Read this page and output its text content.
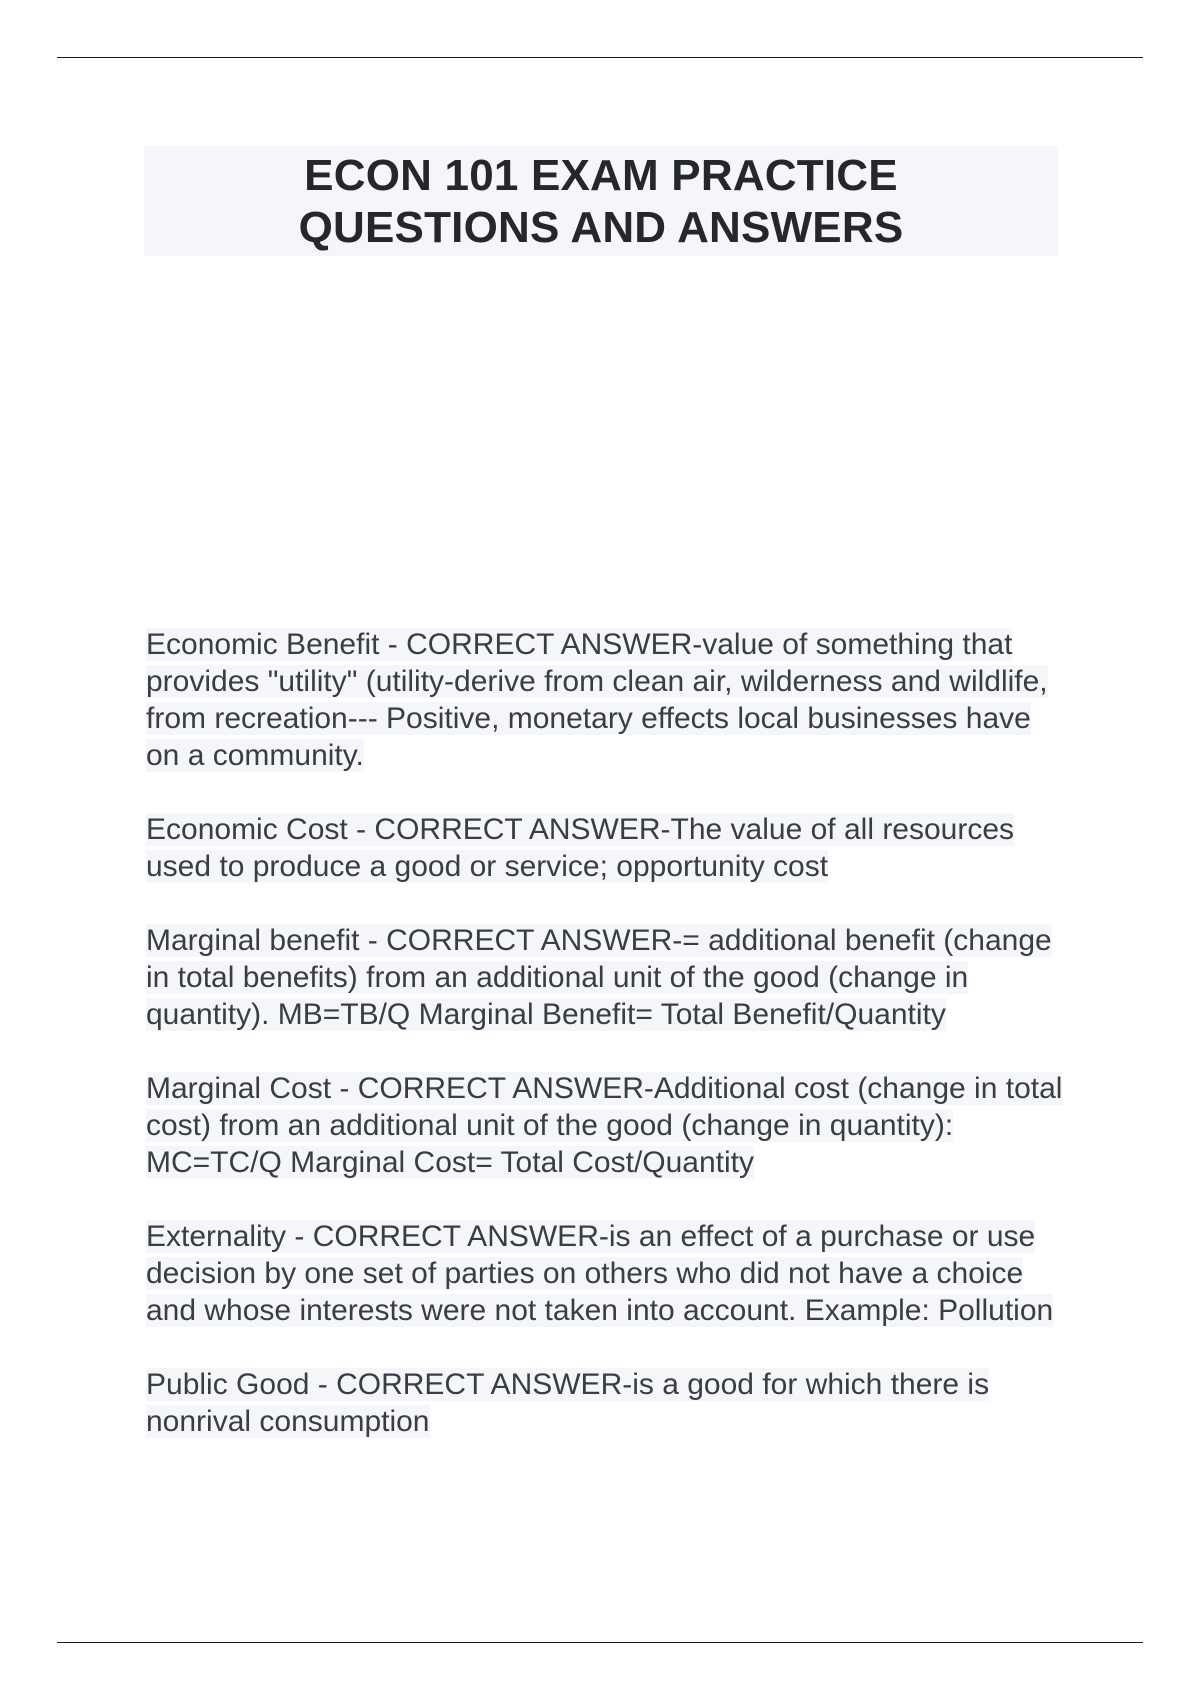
ECON 101 EXAM PRACTICE
QUESTIONS AND ANSWERS

Economic Benefit - CORRECT ANSWER-value of something that provides "utility" (utility-derive from clean air, wilderness and wildlife, from recreation--- Positive, monetary effects local businesses have on a community.

Economic Cost - CORRECT ANSWER-The value of all resources used to produce a good or service; opportunity cost

Marginal benefit - CORRECT ANSWER-= additional benefit (change in total benefits) from an additional unit of the good (change in quantity). MB=TB/Q Marginal Benefit= Total Benefit/Quantity

Marginal Cost - CORRECT ANSWER-Additional cost (change in total cost) from an additional unit of the good (change in quantity): MC=TC/Q Marginal Cost= Total Cost/Quantity

Externality - CORRECT ANSWER-is an effect of a purchase or use decision by one set of parties on others who did not have a choice and whose interests were not taken into account. Example: Pollution

Public Good - CORRECT ANSWER-is a good for which there is nonrival consumption
